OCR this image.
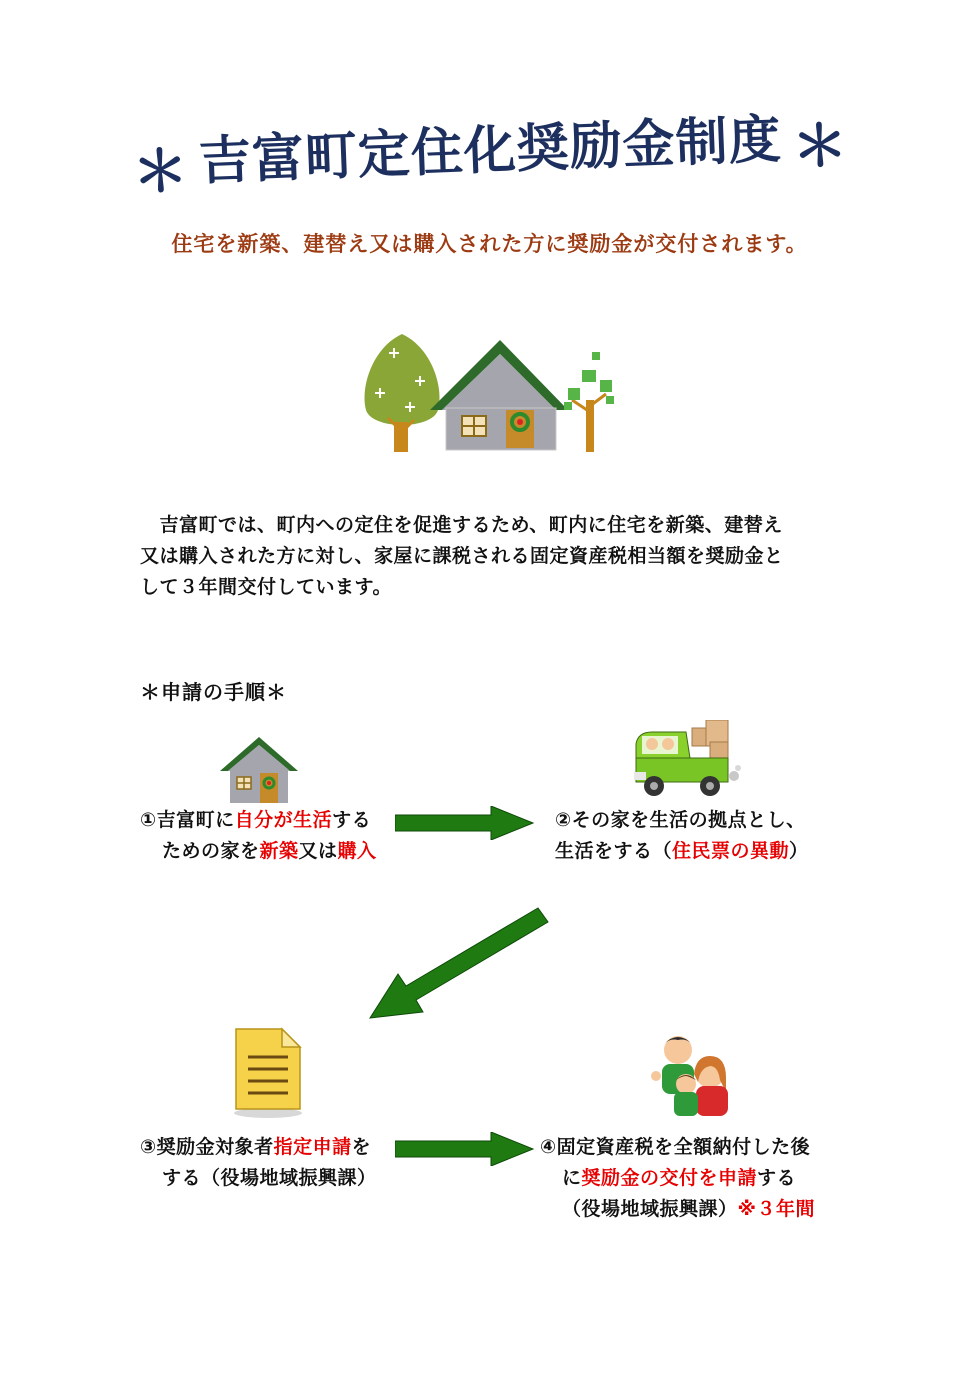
＊ 吉富町定住化奨励金制度 ＊
住宅を新築、建替え又は購入された方に奨励金が交付されます。
　吉富町では、町内への定住を促進するため、町内に住宅を新築、建替え
又は購入された方に対し、家屋に課税される固定資産税相当額を奨励金と
して３年間交付しています。
＊申請の手順＊
①吉富町に自分が生活する
ための家を新築又は購入
②その家を生活の拠点とし、
生活をする（住民票の異動）
③奨励金対象者指定申請を
する（役場地域振興課）
④固定資産税を全額納付した後
に奨励金の交付を申請する
（役場地域振興課）※３年間
